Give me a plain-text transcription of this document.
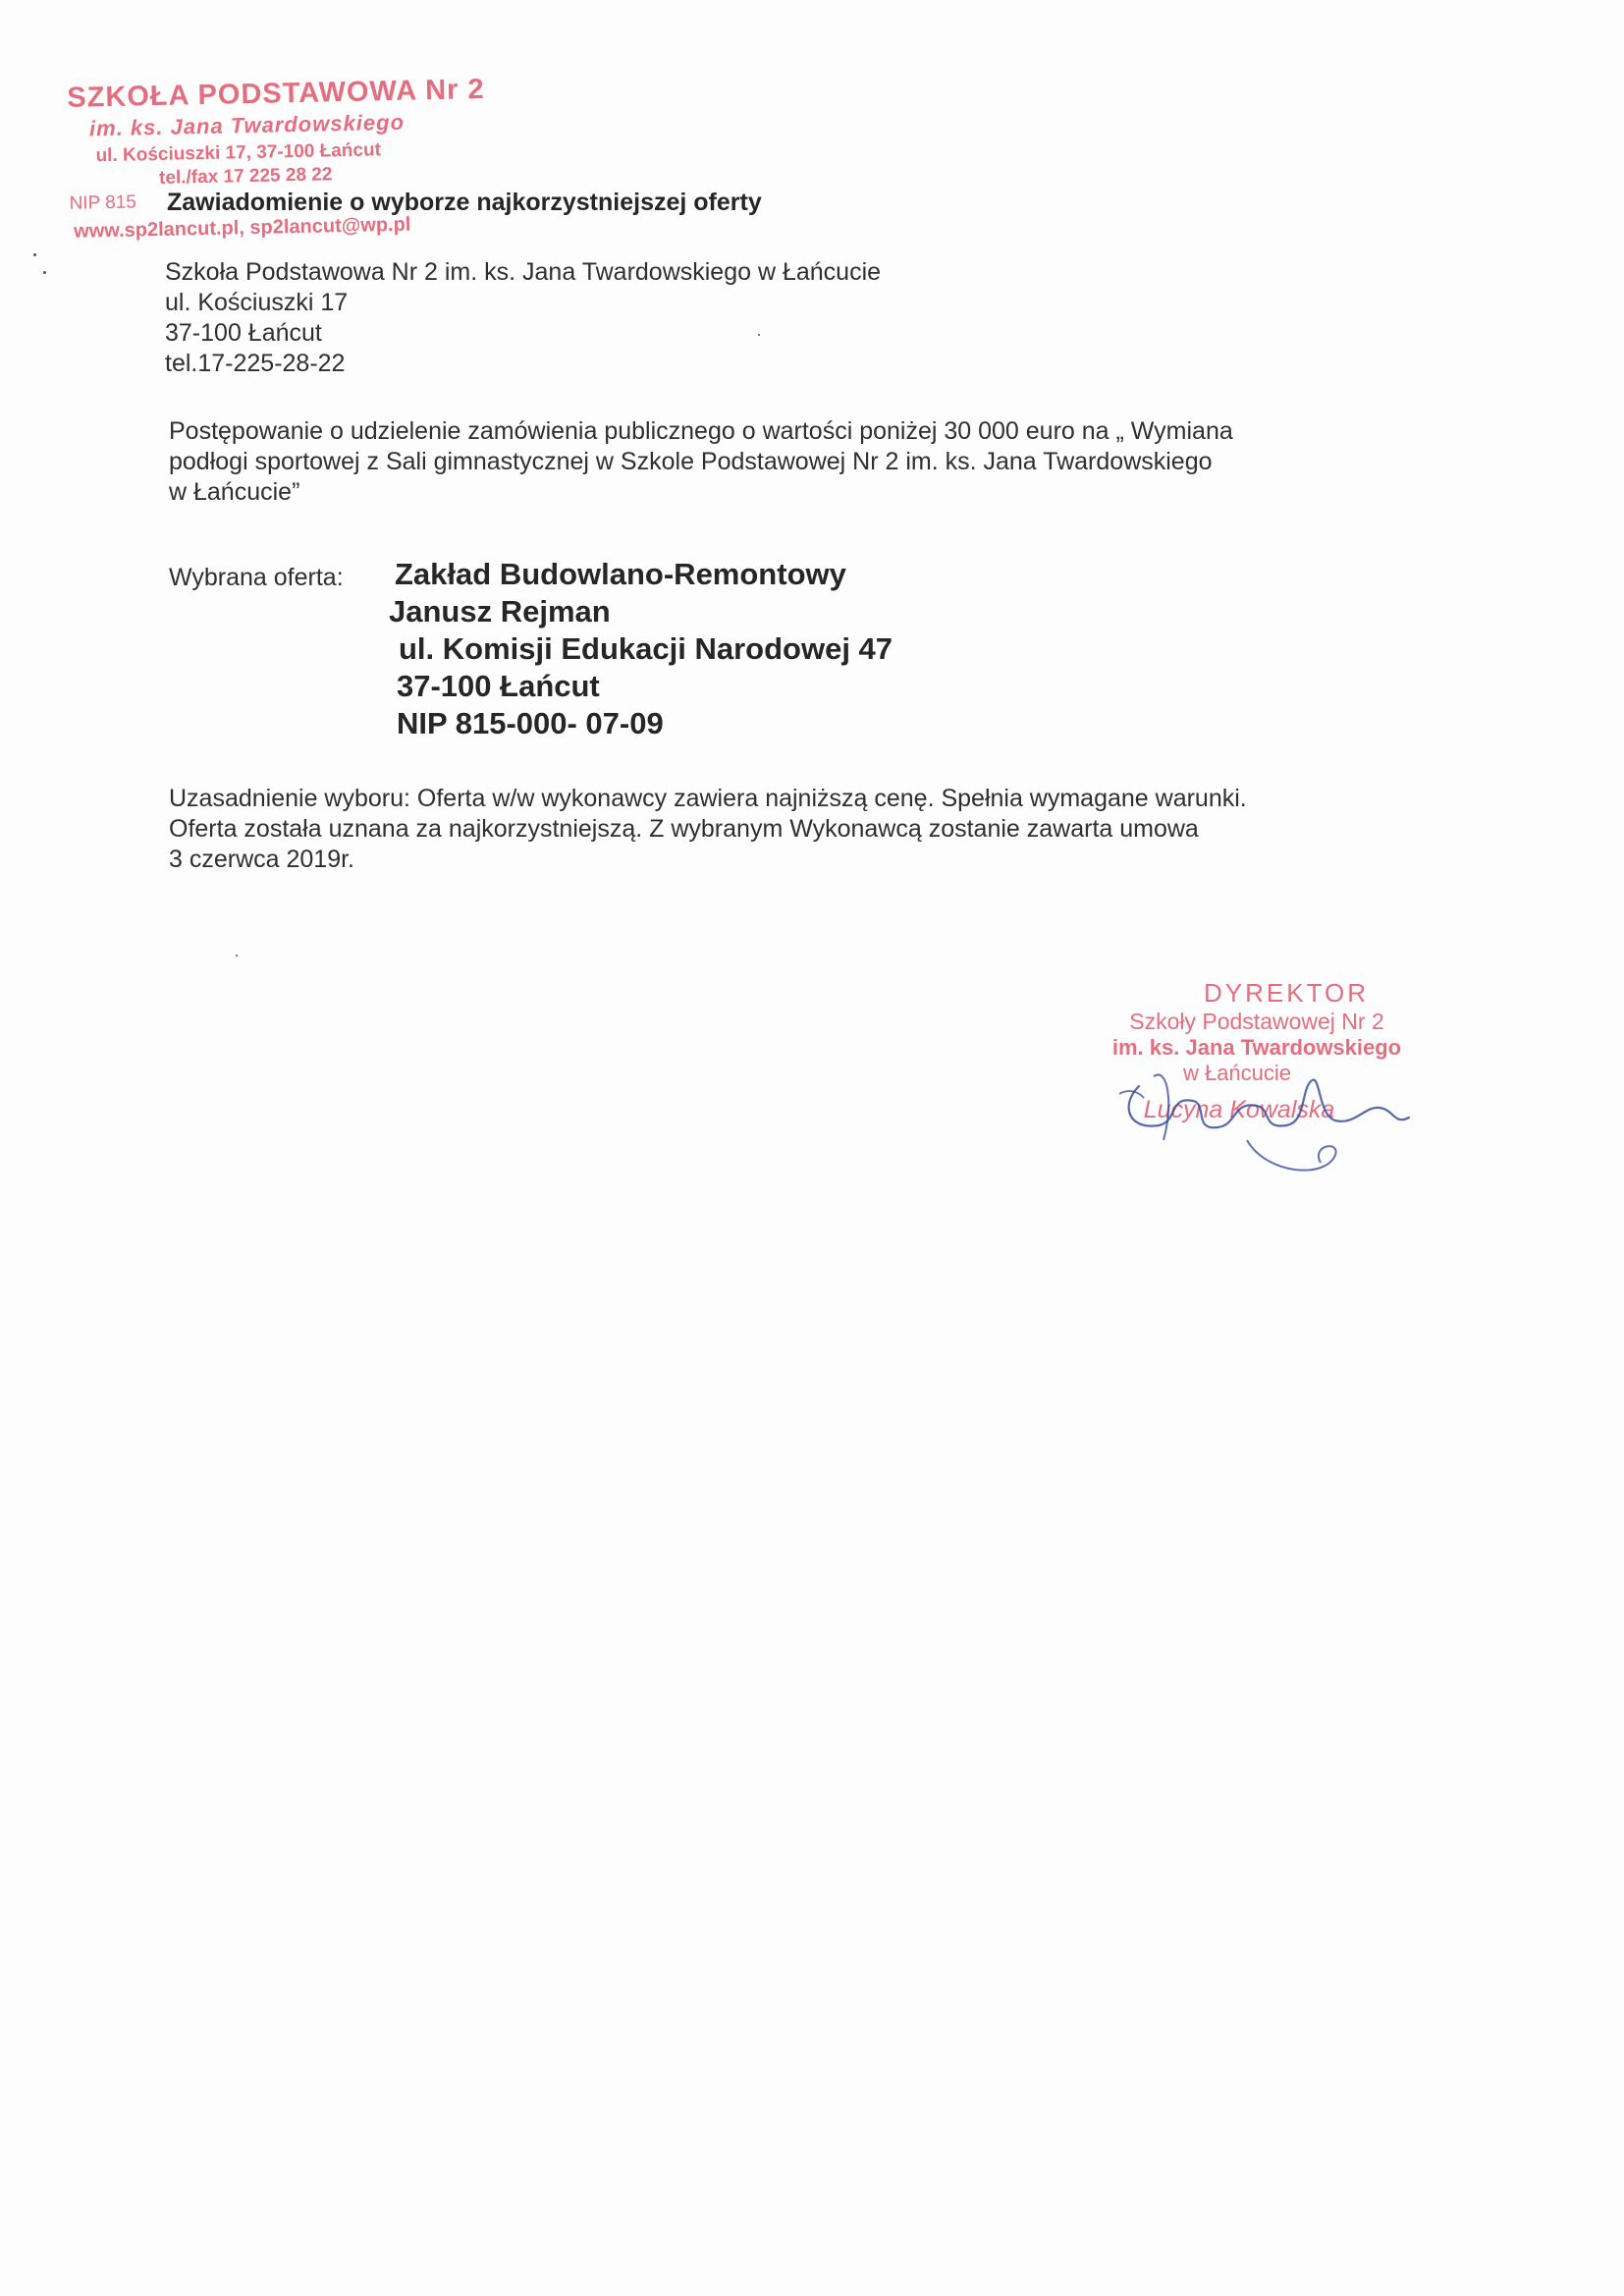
SZKOŁA PODSTAWOWA Nr 2
im. ks. Jana Twardowskiego
ul. Kościuszki 17, 37-100 Łańcut
tel./fax 17 225 28 22
NIP 815
www.sp2lancut.pl, sp2lancut@wp.pl
Zawiadomienie o wyborze najkorzystniejszej oferty
Szkoła Podstawowa Nr 2 im. ks. Jana Twardowskiego w Łańcucie
ul. Kościuszki 17
37-100 Łańcut
tel.17-225-28-22
Postępowanie o udzielenie zamówienia publicznego o wartości poniżej 30 000 euro na „ Wymiana
podłogi sportowej z Sali gimnastycznej w Szkole Podstawowej Nr 2 im. ks. Jana Twardowskiego
w Łańcucie”
Wybrana oferta: Zakład Budowlano-Remontowy
Janusz Rejman
ul. Komisji Edukacji Narodowej 47
37-100 Łańcut
NIP 815-000- 07-09
Uzasadnienie wyboru: Oferta w/w wykonawcy zawiera najniższą cenę. Spełnia wymagane warunki.
Oferta została uznana za najkorzystniejszą. Z wybranym Wykonawcą zostanie zawarta umowa
3 czerwca 2019r.
DYREKTOR
Szkoły Podstawowej Nr 2
im. ks. Jana Twardowskiego
w Łańcucie
Lucyna Kowalska
